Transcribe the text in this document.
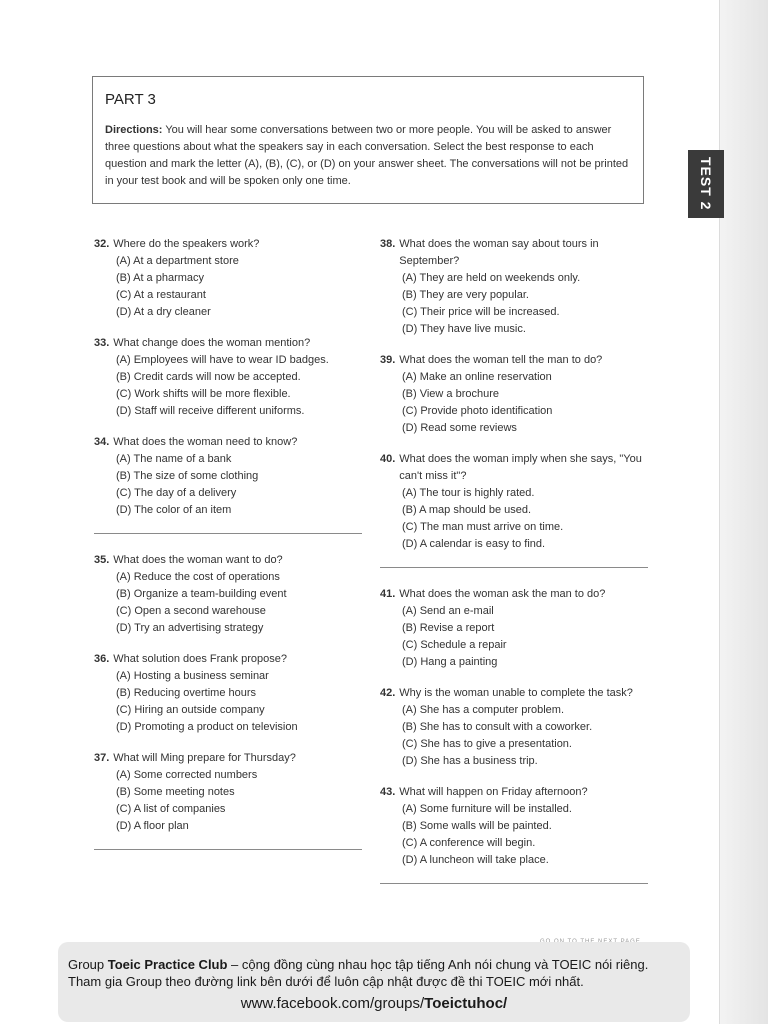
TEST 2
PART 3
Directions: You will hear some conversations between two or more people. You will be asked to answer three questions about what the speakers say in each conversation. Select the best response to each question and mark the letter (A), (B), (C), or (D) on your answer sheet. The conversations will not be printed in your test book and will be spoken only one time.
32. Where do the speakers work?
(A) At a department store
(B) At a pharmacy
(C) At a restaurant
(D) At a dry cleaner
33. What change does the woman mention?
(A) Employees will have to wear ID badges.
(B) Credit cards will now be accepted.
(C) Work shifts will be more flexible.
(D) Staff will receive different uniforms.
34. What does the woman need to know?
(A) The name of a bank
(B) The size of some clothing
(C) The day of a delivery
(D) The color of an item
35. What does the woman want to do?
(A) Reduce the cost of operations
(B) Organize a team-building event
(C) Open a second warehouse
(D) Try an advertising strategy
36. What solution does Frank propose?
(A) Hosting a business seminar
(B) Reducing overtime hours
(C) Hiring an outside company
(D) Promoting a product on television
37. What will Ming prepare for Thursday?
(A) Some corrected numbers
(B) Some meeting notes
(C) A list of companies
(D) A floor plan
38. What does the woman say about tours in September?
(A) They are held on weekends only.
(B) They are very popular.
(C) Their price will be increased.
(D) They have live music.
39. What does the woman tell the man to do?
(A) Make an online reservation
(B) View a brochure
(C) Provide photo identification
(D) Read some reviews
40. What does the woman imply when she says, "You can't miss it"?
(A) The tour is highly rated.
(B) A map should be used.
(C) The man must arrive on time.
(D) A calendar is easy to find.
41. What does the woman ask the man to do?
(A) Send an e-mail
(B) Revise a report
(C) Schedule a repair
(D) Hang a painting
42. Why is the woman unable to complete the task?
(A) She has a computer problem.
(B) She has to consult with a coworker.
(C) She has to give a presentation.
(D) She has a business trip.
43. What will happen on Friday afternoon?
(A) Some furniture will be installed.
(B) Some walls will be painted.
(C) A conference will begin.
(D) A luncheon will take place.
Group Toeic Practice Club – cộng đồng cùng nhau học tập tiếng Anh nói chung và TOEIC nói riêng. Tham gia Group theo đường link bên dưới để luôn cập nhật được đề thi TOEIC mới nhất.
www.facebook.com/groups/Toeictuhoc/
